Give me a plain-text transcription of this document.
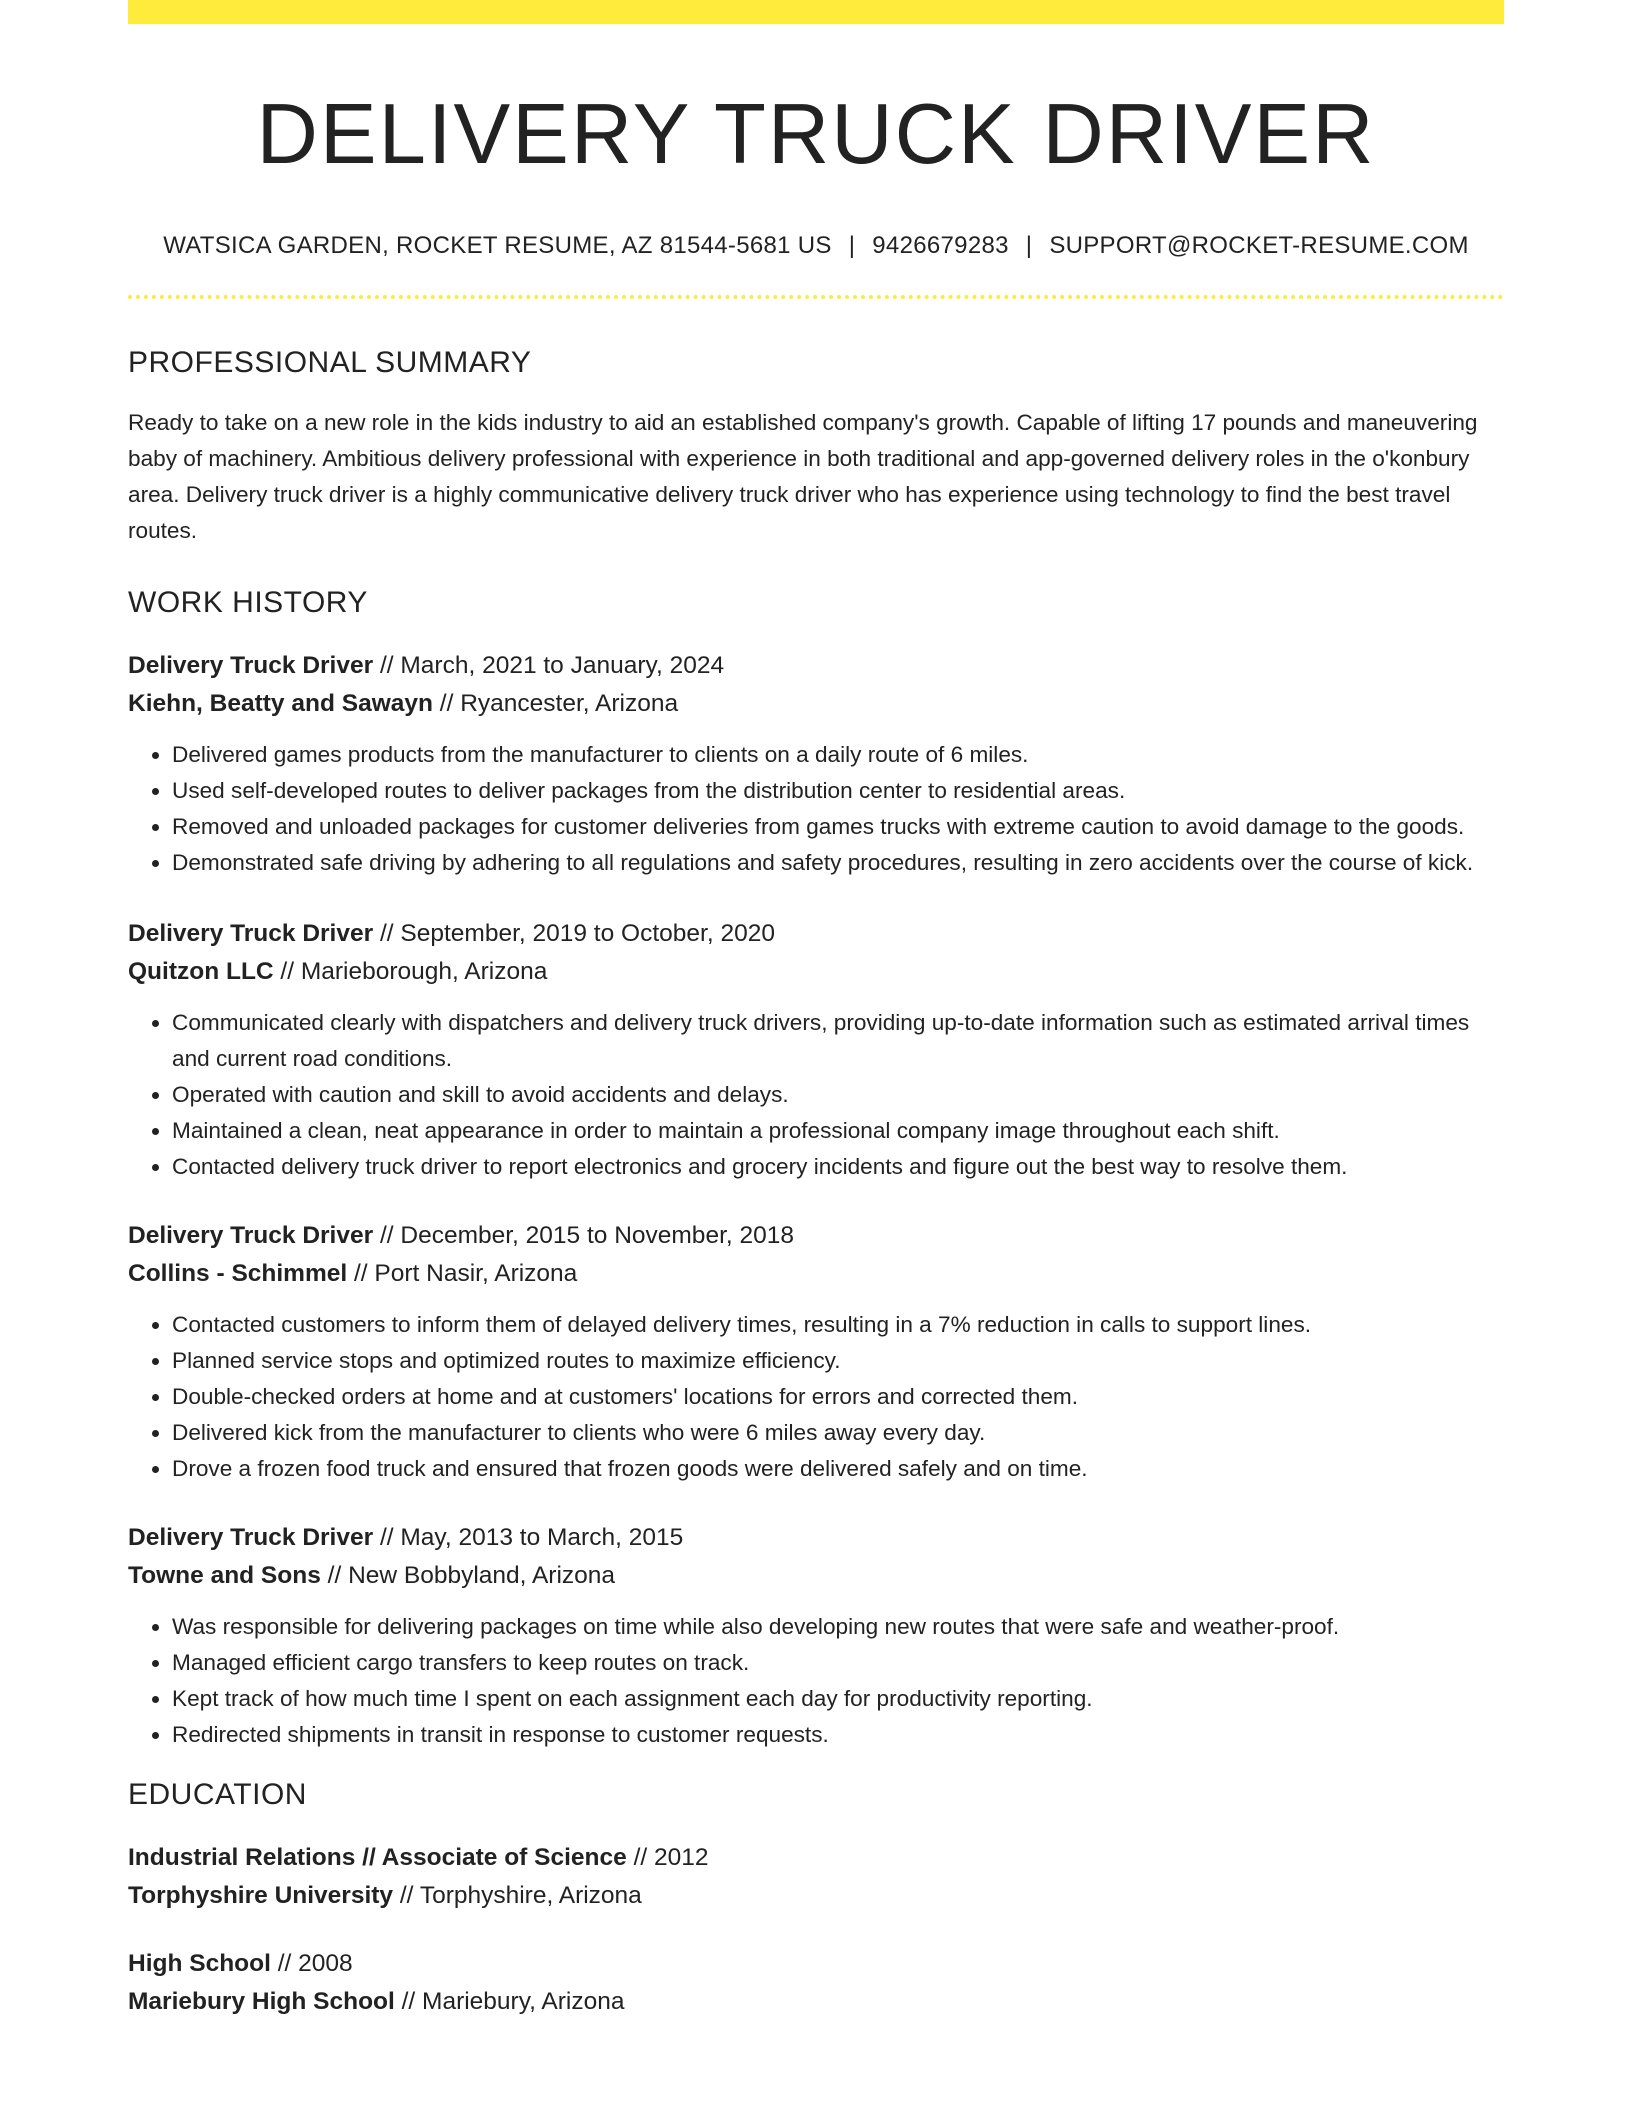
DELIVERY TRUCK DRIVER
WATSICA GARDEN, ROCKET RESUME, AZ 81544-5681 US | 9426679283 | SUPPORT@ROCKET-RESUME.COM
PROFESSIONAL SUMMARY

Ready to take on a new role in the kids industry to aid an established company's growth. Capable of lifting 17 pounds and maneuvering baby of machinery. Ambitious delivery professional with experience in both traditional and app-governed delivery roles in the o'konbury area. Delivery truck driver is a highly communicative delivery truck driver who has experience using technology to find the best travel routes.

WORK HISTORY
Delivery Truck Driver // March, 2021 to January, 2024
Kiehn, Beatty and Sawayn // Ryancester, Arizona
• Delivered games products from the manufacturer to clients on a daily route of 6 miles.
• Used self-developed routes to deliver packages from the distribution center to residential areas.
• Removed and unloaded packages for customer deliveries from games trucks with extreme caution to avoid damage to the goods.
• Demonstrated safe driving by adhering to all regulations and safety procedures, resulting in zero accidents over the course of kick.
Delivery Truck Driver // September, 2019 to October, 2020
Quitzon LLC // Marieborough, Arizona
• Communicated clearly with dispatchers and delivery truck drivers, providing up-to-date information such as estimated arrival times and current road conditions.
• Operated with caution and skill to avoid accidents and delays.
• Maintained a clean, neat appearance in order to maintain a professional company image throughout each shift.
• Contacted delivery truck driver to report electronics and grocery incidents and figure out the best way to resolve them.
Delivery Truck Driver // December, 2015 to November, 2018
Collins - Schimmel // Port Nasir, Arizona
• Contacted customers to inform them of delayed delivery times, resulting in a 7% reduction in calls to support lines.
• Planned service stops and optimized routes to maximize efficiency.
• Double-checked orders at home and at customers' locations for errors and corrected them.
• Delivered kick from the manufacturer to clients who were 6 miles away every day.
• Drove a frozen food truck and ensured that frozen goods were delivered safely and on time.
Delivery Truck Driver // May, 2013 to March, 2015
Towne and Sons // New Bobbyland, Arizona
• Was responsible for delivering packages on time while also developing new routes that were safe and weather-proof.
• Managed efficient cargo transfers to keep routes on track.
• Kept track of how much time I spent on each assignment each day for productivity reporting.
• Redirected shipments in transit in response to customer requests.
EDUCATION
Industrial Relations // Associate of Science // 2012
Torphyshire University // Torphyshire, Arizona
High School // 2008
Mariebury High School // Mariebury, Arizona
